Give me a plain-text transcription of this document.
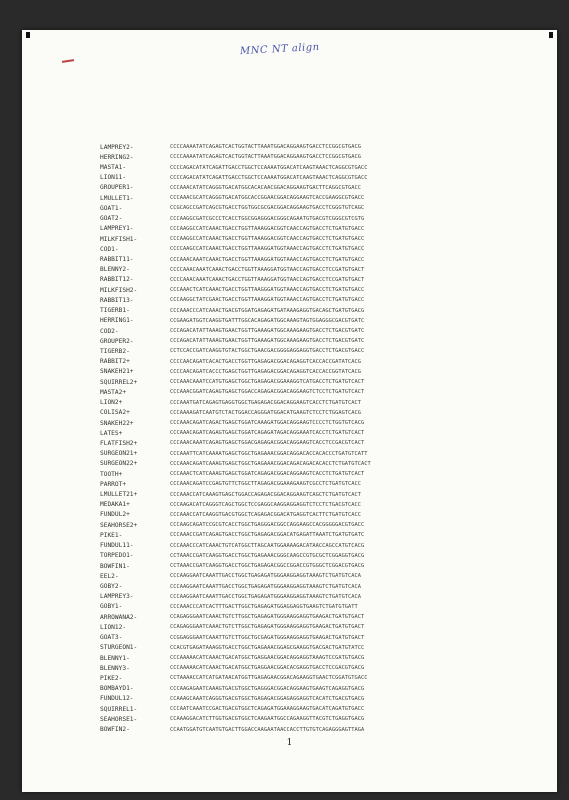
MNC NT align
LAMPREY2-	CCCCAAAATATCAGAGTCACTGGTACTTAAATGGACAGGAAGTGACCTCCGGCGTGACG
HERRING2-	CCCCAAAATATCAGAGTCACTGGTACTTAAATGGACAGGAAGTGACCTCCGGCGTGACG
MASTA1-	CCCCAGACATATCAGATTGACCTGGCTCCAAAATGGACATCAAGTAAACTCAGGCGTGACC
LION11-	CCCCAGACATATCAGATTGACCTGGCTCCAAAATGGACATCAAGTAAACTCAGGCGTGACC
GROUPER1-	CCCAAACATATCAGGGTGACATGGCACACAACGGACAGGAAGTGACTTCAGGCGTGACC
LMULLET1-	CCCAAACGCATCAGGGTGACATGGCACCGGAACGGACAGGAAGTCACCGAAGGCGTGACC
GOAT1-	CCGCAGCCGATCAGCGTGACCTGGTGGCGCGACGGACAGGAAGTGACCTCGGGTGTCAGC
GOAT2-	CCCAAGGCGATCGCCCTCACCTGGCGGAGGGACGGGCAGAATGTGACGTCGGGCGTCGTG
LAMPREY1-	CCCAAGGCCATCAAACTGACCTGGTTAAAGGACGGTCAACCAGTGACCTCTGATGTGACC
MILKFISH1-	CCCAAGGCCATCAAACTGACCTGGTTAAAGGACGGTCAACCAGTGACCTCTGATGTGACC
COD1-	CCCCAAGCCATCAAACTGACCTGGTTAAAGGATGGTAAACCAGTGACCTCTGATGTGACC
RABBIT11-	CCCAAACAAATCAAACTGACCTGGTTAAAGGATGGTAAACCAGTGACCTCTGATGTGACC
BLENNY2-	CCCCAAACAAATCAAACTGACCTGGTTAAAGGATGGTAACCAGTGACCTCCGATGTGACT
RABBIT12-	CCCCAAACAAATCAAACTGACCTGGTTAAAGGATGGTAACCAGTGACCTCCGATGTGACT
MILKFISH2-	CCCAAACTCATCAAACTGACCTGGTTAAGGGATGGTAAACCAGTGACCTCTGATGTGACC
RABBIT13-	CCCAAGGCTATCGAACTGACCTGGTTAAAGGATGGTAAACCAGTGACCTCTGATGTGACC
TIGERB1-	CCCAAACCCATCAAACTGACGTGGATGAGAGATGATAAAGAGGTGACAGCTGATGTGACG
HERRING1-	CCGAAGATGGTCAAGGTGATTTGGCACAGAGATGGCAAAGTAGTGGAGGGCGACGTGATC
COD2-	CCCAGACATATTAAAGTGAACTGGTTGAAAGATGGCAAAGAAGTGACCTCTGACGTGATC
GROUPER2-	CCCAGACATATTAAAGTGAACTGGTTGAAAGATGGCAAAGAAGTGACCTCTGACGTGATC
TIGERB2-	CCTCCACCGATCAAGGTGTACTGGCTGAACGACGGGGAGGAGGTGACCTCTGACGTGACC
RABBIT2+	CCCCAACAGATCACACTGACCTGGTTGAGAGACGGACAGAGGTCACCACCGATATCACG
SNAKEH21+	CCCCAACAGATCACCCTGAGCTGGTTGAGAGACGGACAGAGGTCACCACCGGTATCACG
SQUIRREL2+	CCCAAACAAATCCATGTGAGCTGGCTGAGAGACGGAAAGGTCATGACCTCTGATGTCACT
MASTA2+	CCCAAACGGATCAGAGTGAGCTGGACCAGAGACGGACAGGAAGTCTCCTCTGATGTCACT
LION2+	CCCAAATGATCAGAGTGAGGTGGCTGAGAGACGGACAGGAAGTCACCTCTGATGTCACT
COLISA2+	CCCAAAAGATCAATGTCTACTGGACCAGGGATGGACATGAAGTCTCCTCTGGAGTCACG
SNAKEH22+	CCCAAACAGATCAGACTGAGCTGGATCAAAGATGGACAGGAAGTCCCCTCTGGTGTCACG
LATES+	CCCAAACAGATCAGAGTGAGCTGGATCAGAGATAGACAGGAAATCACCTCTGATGTCACT
FLATFISH2+	CCCAAACAAATCAGAGTGAGCTGGACGAGAGACGGACAGGAAGTCACCTCCGACGTCACT
SURGEON21+	CCCAAATTCATCAAAATGAGCTGGCTGAGAAACGGACAGGACACCACACCCTGATGTCATT
SURGEON22+	CCCAAACAGATCAAAGTGAGCTGGCTGAGAAACGGACAGACAGACACACCTCTGATGTCACT
TOOTH+	CCCAAACTCATCAAAGTGAGCTGGATCAGAGACGGACAGGAAGTCACCTCTGATGTCACT
PARROT+	CCCAAACAGATCCGAGTGTTCTGGCTTAGAGACGGAAAGAAGTCGCCTCTGATGTCACC
LMULLET21+	CCCAAACCATCAAAGTGAGCTGGACCAGAGACGGACAGGAAGTCAGCTCTGATGTCACT
MEDAKA1+	CCCAAGACATCAGGGTCAGCTGGCTCCGAGGCAAGGAGGAGGTCTCCTCTGACGTCACC
FUNDUL2+	CCCAAACCATCAAGGTGACGTGGCTCAGAGACGGACATGAGGTCACTTCTGATGTCACC
SEAHORSE2+	CCCAAGCAGATCCGCGTCACCTGGCTGAGGGACGGCCAGGAAGCCACGGGGGACGTGACC
PIKE1-	CCCAAACCGATCAGAGTGACCTGGCTGAGAGACGGACATGAGATTAAATCTGATGTGATC
FUNDUL11-	CCCAAACCCATCAAACTGTCATGGCTTAGCAATGGAAAAGACATAACCAGCCATGTCACG
TORPEDO1-	CCTAAACCGATCAAGGTGACCTGGCTGAGAAACGGGCAAGCCGTGCGCTCGGAGGTGACG
BOWFIN1-	CCTAAACCGATCAAGGTGACCTGGCTGAGAGACGGCCGGACCGTGGGCTCGGACGTGACG
EEL2-	CCCAAGGAATCAAATTGACCTGGCTGAGAGATGGGAAGGAGGTAAAGTCTGATGTCACA
GOBY2-	CCCAAGGAATCAAATTGACCTGGCTGAGAGATGGGAAGGAGGTAAAGTCTGATGTCACA
LAMPREY3-	CCCAAGGAATCAAATTGACCTGGCTGAGAGATGGGAAGGAGGTAAAGTCTGATGTCACA
GOBY1-	CCCAAACCCATCACTTTGACTTGGCTGAGAGATGGAGGAGGTGAAGTCTGATGTGATT
ARROWANA2-	CCAGAGGGAATCAAACTGTCTTGGCTGAGAGATGGGAAGGAGGTGAAGACTGATGTGACT
LION12-	CCAGAGGGAATCAAACTGTCTTGGCTGAGAGATGGGAAGGAGGTGAAGACTGATGTGACT
GOAT3-	CCGGAGGGAATCAAATTGTCTTGGCTGCGAGATGGGAAGGAGGTGAAGACTGATGTGACT
STURGEON1-	CCACGTGAGATAAAGGTGACCTGGCTGAGAAACGGAGCGAAGGTGACGACTGATGTATCC
BLENNY1-	CCCAAAAACATCAAACTGACATGGCTGAGGAACGGACAGGAGGTAAAGTCCGATGTGACG
BLENNY3-	CCCAAAAACATCAAACTGACATGGCTGAGGAACGGACACGAGGTGACCTCCGACGTGACG
PIKE2-	CCTAAAACCATCATGATAACATGGTTGAGAGAACGGACAGAAGGTGAACTCGGATGTGACC
BOMBAYD1-	CCCAAGAGAATCAAAGTGACGTGGCTGAGGGACGGACAGGAAGTGAAGTCAGAGGTGACG
FUNDUL12-	CCAAAGCAAATCAGGGTGACGTGGCTGAGAGACGGAGAGGAGGTCACATCTGACGTGACG
SQUIRREL1-	CCCAATCAAATCCGACTGACGTGGCTCAGAGATGGAAAGGAAGTGACATCAGATGTGACC
SEAHORSE1-	CCAAAGGACATCTTGGTGACGTGGCTCAAGAATGGCCAGAAGGTTACGTCTGAGGTGACG
BOWFIN2-	CCAATGGATGTCAATGTGACTTGGACCAAGAATAACCACCTTGTGTCAGAGGGAGTTAGA
1
